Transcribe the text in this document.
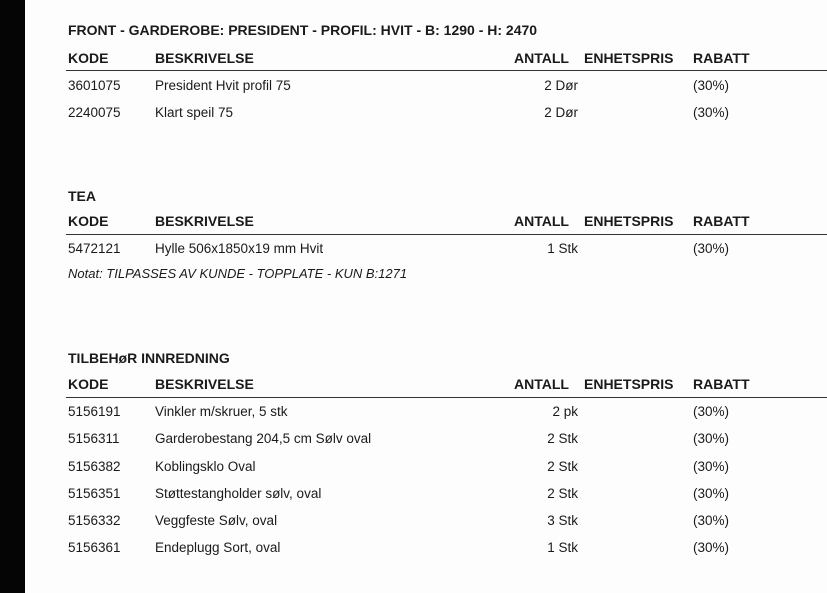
FRONT - GARDEROBE: PRESIDENT - PROFIL: HVIT - B: 1290 - H: 2470
KODE	BESKRIVELSE	ANTALL ENHETSPRIS RABATT
3601075	President Hvit profil 75	2 Dør	(30%)
2240075	Klart speil 75	2 Dør	(30%)
TEA
KODE	BESKRIVELSE	ANTALL ENHETSPRIS RABATT
5472121	Hylle 506x1850x19 mm Hvit	1 Stk	(30%)
Notat: TILPASSES AV KUNDE - TOPPLATE - KUN B:1271
TILBEHøR INNREDNING
KODE	BESKRIVELSE	ANTALL ENHETSPRIS RABATT
5156191	Vinkler m/skruer, 5 stk	2 pk	(30%)
5156311	Garderobestang 204,5 cm Sølv oval	2 Stk	(30%)
5156382	Koblingsklo Oval	2 Stk	(30%)
5156351	Støttestangholder sølv, oval	2 Stk	(30%)
5156332	Veggfeste Sølv, oval	3 Stk	(30%)
5156361	Endeplugg Sort, oval	1 Stk	(30%)
